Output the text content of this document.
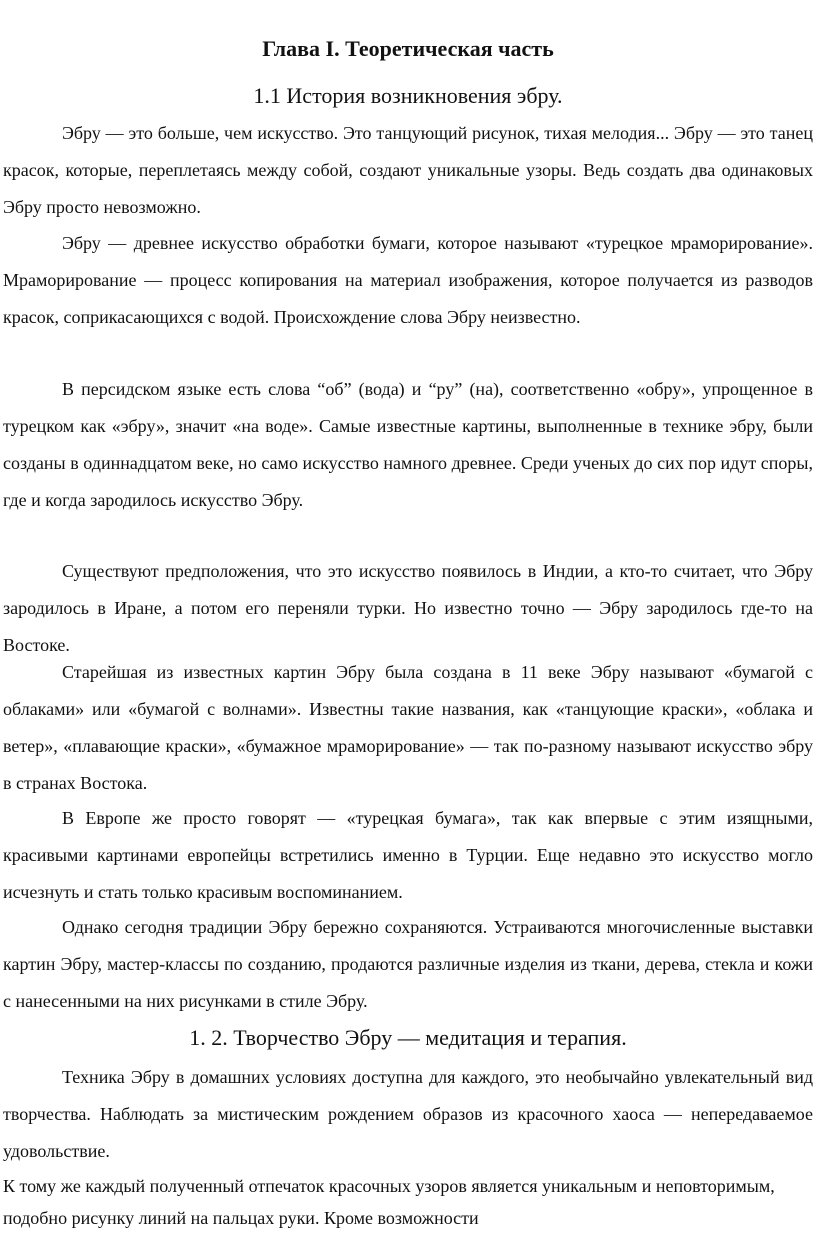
Глава I. Теоретическая часть
1.1 История возникновения эбру.

Эбру — это больше, чем искусство. Это танцующий рисунок, тихая мелодия... Эбру — это танец красок, которые, переплетаясь между собой, создают уникальные узоры. Ведь создать два одинаковых Эбру просто невозможно.

Эбру — древнее искусство обработки бумаги, которое называют «турецкое мраморирование». Мраморирование — процесс копирования на материал изображения, которое получается из разводов красок, соприкасающихся с водой. Происхождение слова Эбру неизвестно.

В персидском языке есть слова “об” (вода) и “ру” (на), соответственно «обру», упрощенное в турецком как «эбру», значит «на воде». Самые известные картины, выполненные в технике эбру, были созданы в одиннадцатом веке, но само искусство намного древнее. Среди ученых до сих пор идут споры, где и когда зародилось искусство Эбру.

Существуют предположения, что это искусство появилось в Индии, а кто-то считает, что Эбру зародилось в Иране, а потом его переняли турки. Но известно точно — Эбру зародилось где-то на Востоке.

Старейшая из известных картин Эбру была создана в 11 веке Эбру называют «бумагой с облаками» или «бумагой с волнами». Известны такие названия, как «танцующие краски», «облака и ветер», «плавающие краски», «бумажное мраморирование» — так по-разному называют искусство эбру в странах Востока.

В Европе же просто говорят — «турецкая бумага», так как впервые с этим изящными, красивыми картинами европейцы встретились именно в Турции. Еще недавно это искусство могло исчезнуть и стать только красивым воспоминанием.

Однако сегодня традиции Эбру бережно сохраняются. Устраиваются многочисленные выставки картин Эбру, мастер-классы по созданию, продаются различные изделия из ткани, дерева, стекла и кожи с нанесенными на них рисунками в стиле Эбру.

1. 2. Творчество Эбру — медитация и терапия.

Техника Эбру в домашних условиях доступна для каждого, это необычайно увлекательный вид творчества. Наблюдать за мистическим рождением образов из красочного хаоса — непередаваемое удовольствие.

К тому же каждый полученный отпечаток красочных узоров является уникальным и неповторимым, подобно рисунку линий на пальцах руки. Кроме возможности
